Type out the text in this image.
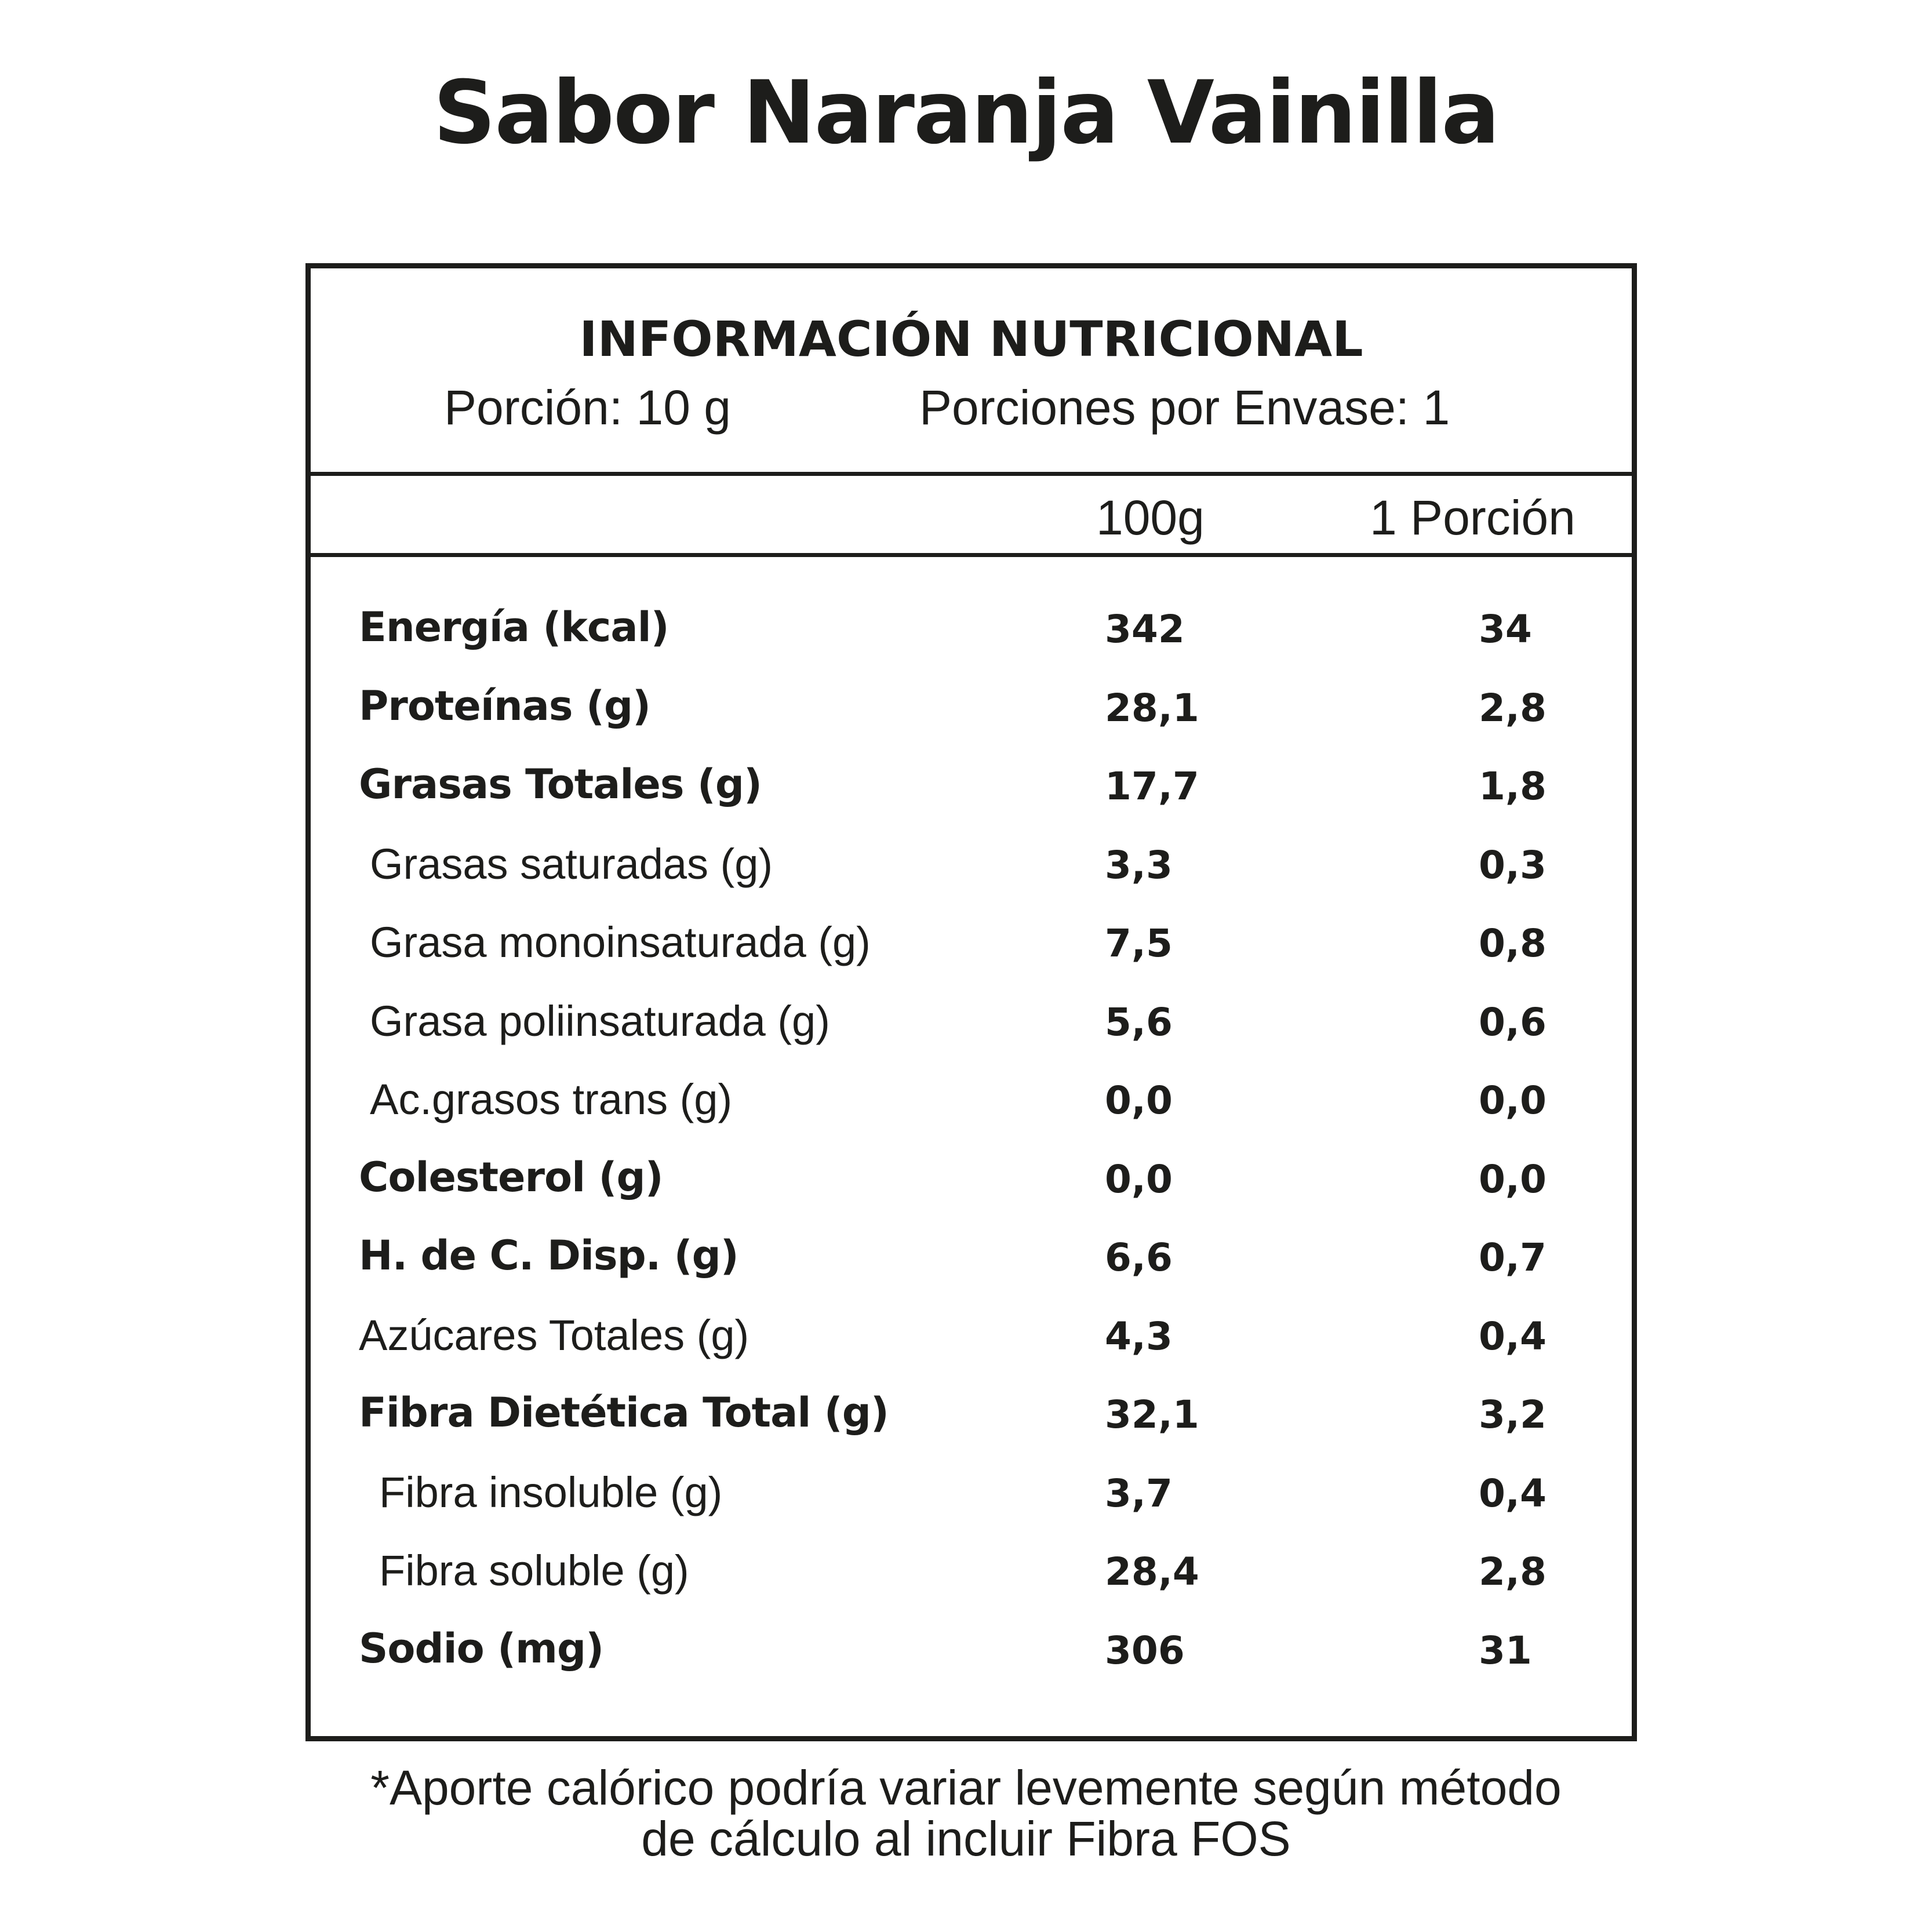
Sabor Naranja Vainilla
INFORMACIÓN NUTRICIONAL
Porción: 10 g	Porciones por Envase: 1
100g	1 Porción
Energía (kcal)	342	34
Proteínas (g)	28,1	2,8
Grasas Totales (g)	17,7	1,8
Grasas saturadas (g)	3,3	0,3
Grasa monoinsaturada (g)	7,5	0,8
Grasa poliinsaturada (g)	5,6	0,6
Ac.grasos trans (g)	0,0	0,0
Colesterol (g)	0,0	0,0
H. de C. Disp. (g)	6,6	0,7
Azúcares Totales (g)	4,3	0,4
Fibra Dietética Total (g)	32,1	3,2
Fibra insoluble (g)	3,7	0,4
Fibra soluble (g)	28,4	2,8
Sodio (mg)	306	31
*Aporte calórico podría variar levemente según método
de cálculo al incluir Fibra FOS
